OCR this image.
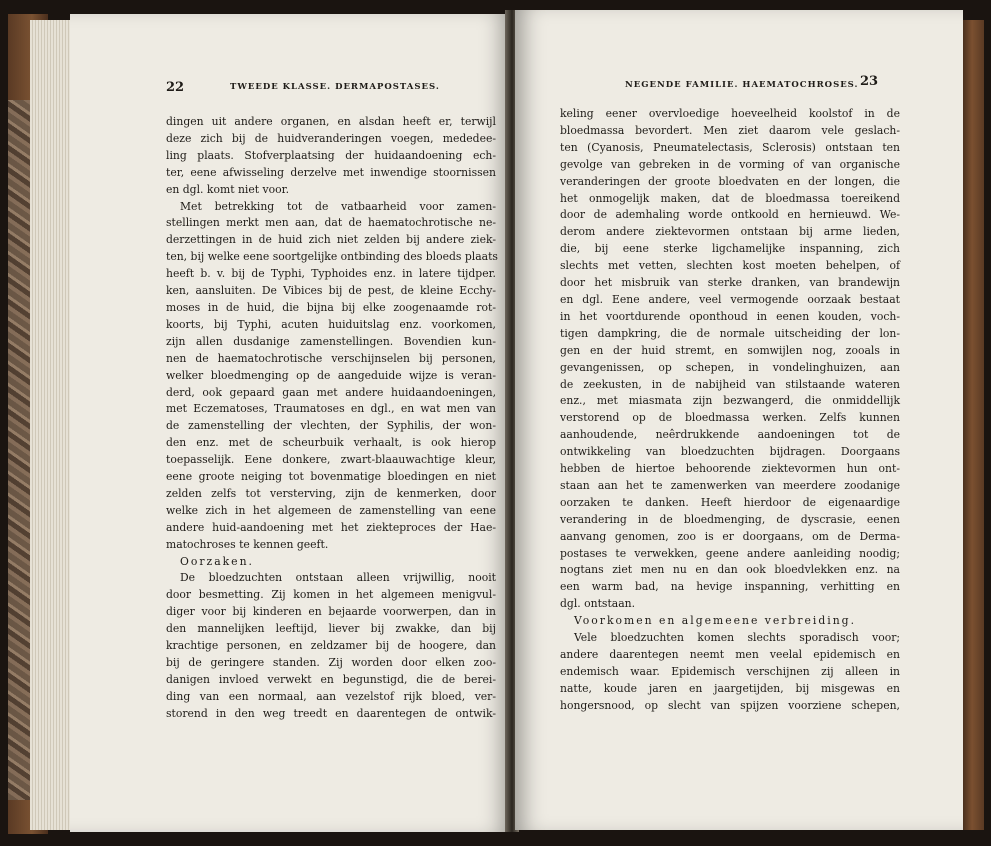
22	TWEEDE KLASSE. DERMAPOSTASES.
dingen uit andere organen, en alsdan heeft er, terwijl
deze zich bij de huidveranderingen voegen, mededee-
ling plaats. Stofverplaatsing der huidaandoening ech-
ter, eene afwisseling derzelve met inwendige stoornissen
en dgl. komt niet voor.
Met betrekking tot de vatbaarheid voor zamen-
stellingen merkt men aan, dat de haematochrotische ne-
derzettingen in de huid zich niet zelden bij andere ziek-
ten, bij welke eene soortgelijke ontbinding des bloeds plaats
heeft b. v. bij de Typhi, Typhoides enz. in latere tijdper.
ken, aansluiten. De Vibices bij de pest, de kleine Ecchy-
moses in de huid, die bijna bij elke zoogenaamde rot-
koorts, bij Typhi, acuten huiduitslag enz. voorkomen,
zijn allen dusdanige zamenstellingen. Bovendien kun-
nen de haematochrotische verschijnselen bij personen,
welker bloedmenging op de aangeduide wijze is veran-
derd, ook gepaard gaan met andere huidaandoeningen,
met Eczematoses, Traumatoses en dgl., en wat men van
de zamenstelling der vlechten, der Syphilis, der won-
den enz. met de scheurbuik verhaalt, is ook hierop
toepasselijk. Eene donkere, zwart-blaauwachtige kleur,
eene groote neiging tot bovenmatige bloedingen en niet
zelden zelfs tot versterving, zijn de kenmerken, door
welke zich in het algemeen de zamenstelling van eene
andere huid-aandoening met het ziekteproces der Hae-
matochroses te kennen geeft.
Oorzaken.
De bloedzuchten ontstaan alleen vrijwillig, nooit
door besmetting. Zij komen in het algemeen menigvul-
diger voor bij kinderen en bejaarde voorwerpen, dan in
den mannelijken leeftijd, liever bij zwakke, dan bij
krachtige personen, en zeldzamer bij de hoogere, dan
bij de geringere standen. Zij worden door elken zoo-
danigen invloed verwekt en begunstigd, die de berei-
ding van een normaal, aan vezelstof rijk bloed, ver-
storend in den weg treedt en daarentegen de ontwik-
NEGENDE FAMILIE. HAEMATOCHROSES. 23
keling eener overvloedige hoeveelheid koolstof in de
bloedmassa bevordert. Men ziet daarom vele geslach-
ten (Cyanosis, Pneumatelectasis, Sclerosis) ontstaan ten
gevolge van gebreken in de vorming of van organische
veranderingen der groote bloedvaten en der longen, die
het onmogelijk maken, dat de bloedmassa toereikend
door de ademhaling worde ontkoold en hernieuwd. We-
derom andere ziektevormen ontstaan bij arme lieden,
die, bij eene sterke ligchamelijke inspanning, zich
slechts met vetten, slechten kost moeten behelpen, of
door het misbruik van sterke dranken, van brandewijn
en dgl. Eene andere, veel vermogende oorzaak bestaat
in het voortdurende oponthoud in eenen kouden, voch-
tigen dampkring, die de normale uitscheiding der lon-
gen en der huid stremt, en somwijlen nog, zooals in
gevangenissen, op schepen, in vondelinghuizen, aan
de zeekusten, in de nabijheid van stilstaande wateren
enz., met miasmata zijn bezwangerd, die onmiddellijk
verstorend op de bloedmassa werken. Zelfs kunnen
aanhoudende, neêrdrukkende aandoeningen tot de
ontwikkeling van bloedzuchten bijdragen. Doorgaans
hebben de hiertoe behoorende ziektevormen hun ont-
staan aan het te zamenwerken van meerdere zoodanige
oorzaken te danken. Heeft hierdoor de eigenaardige
verandering in de bloedmenging, de dyscrasie, eenen
aanvang genomen, zoo is er doorgaans, om de Derma-
postases te verwekken, geene andere aanleiding noodig;
nogtans ziet men nu en dan ook bloedvlekken enz. na
een warm bad, na hevige inspanning, verhitting en
dgl. ontstaan.
Voorkomen en algemeene verbreiding.
Vele bloedzuchten komen slechts sporadisch voor;
andere daarentegen neemt men veelal epidemisch en
endemisch waar. Epidemisch verschijnen zij alleen in
natte, koude jaren en jaargetijden, bij misgewas en
hongersnood, op slecht van spijzen voorziene schepen,
